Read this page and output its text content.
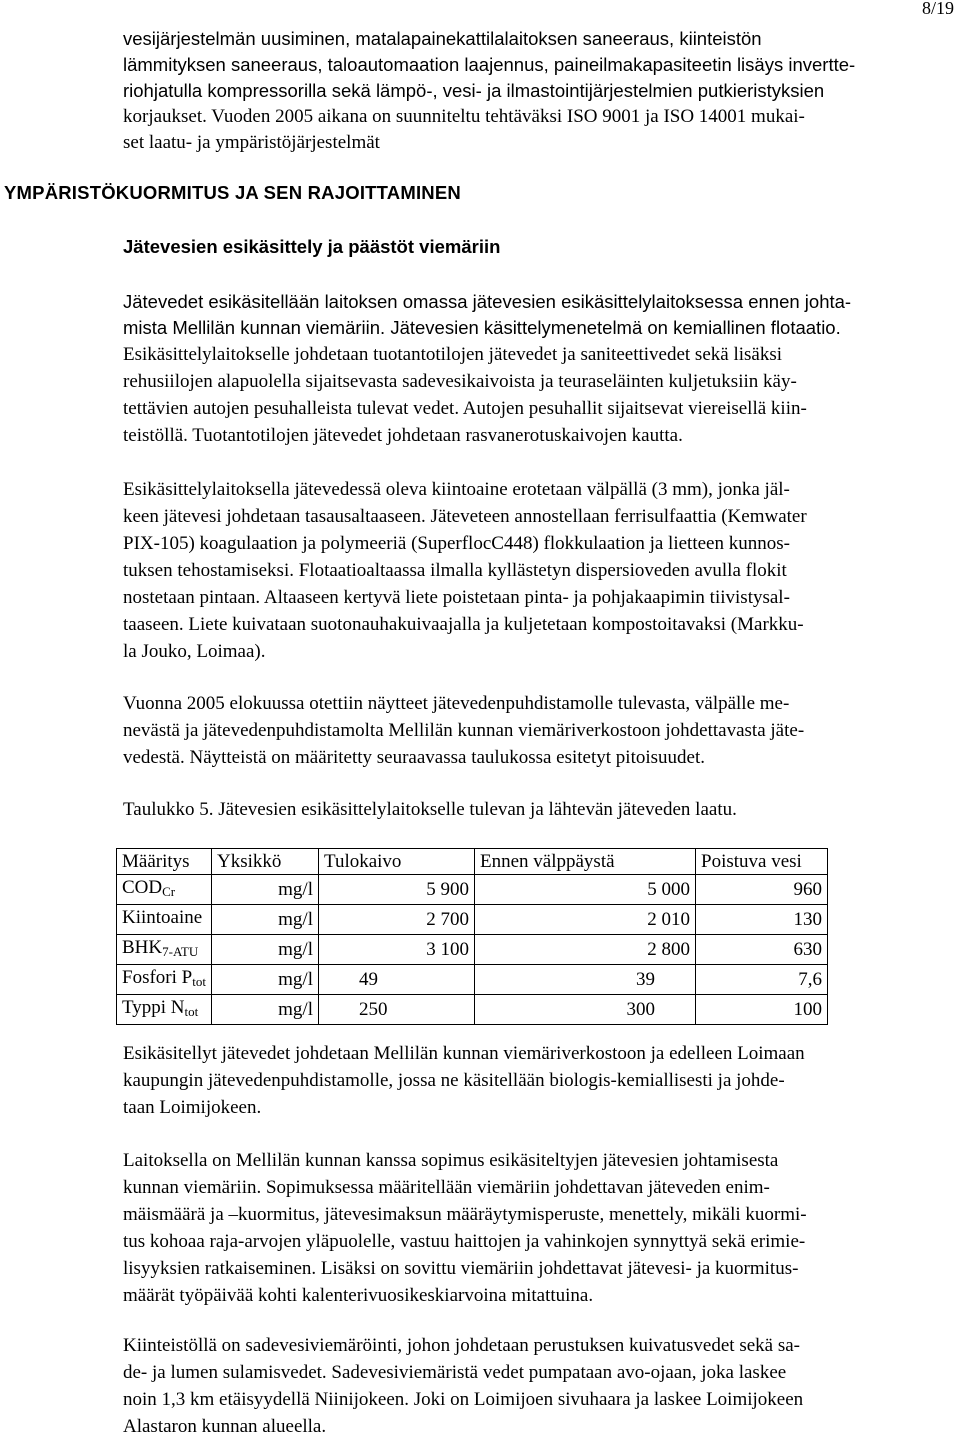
8/19
vesijärjestelmän uusiminen, matalapainekattilalaitoksen saneeraus, kiinteistön
lämmityksen saneeraus, taloautomaation laajennus, paineilmakapasiteetin lisäys invertte-
riohjatulla kompressorilla sekä lämpö-, vesi- ja ilmastointijärjestelmien putkieristyksien
korjaukset. Vuoden 2005 aikana on suunniteltu tehtäväksi ISO 9001 ja ISO 14001 mukai-
set laatu- ja ympäristöjärjestelmät
YMPÄRISTÖKUORMITUS JA SEN RAJOITTAMINEN
Jätevesien esikäsittely ja päästöt viemäriin
Jätevedet esikäsitellään laitoksen omassa jätevesien esikäsittelylaitoksessa ennen johta-
mista Mellilän kunnan viemäriin. Jätevesien käsittelymenetelmä on kemiallinen flotaatio.
Esikäsittelylaitokselle johdetaan tuotantotilojen jätevedet ja saniteettivedet sekä lisäksi
rehusiilojen alapuolella sijaitsevasta sadevesikaivoista ja teuraseläinten kuljetuksiin käy-
tettävien autojen pesuhalleista tulevat vedet. Autojen pesuhallit sijaitsevat viereisellä kiin-
teistöllä. Tuotantotilojen jätevedet johdetaan rasvanerotuskaivojen kautta.
Esikäsittelylaitoksella jätevedessä oleva kiintoaine erotetaan välpällä (3 mm), jonka jäl-
keen jätevesi johdetaan tasausaltaaseen. Jäteveteen annostellaan ferrisulfaattia (Kemwater
PIX-105) koagulaation ja polymeeriä (SuperflocC448) flokkulaation ja lietteen kunnos-
tuksen tehostamiseksi. Flotaatioaltaassa ilmalla kyllästetyn dispersioveden avulla flokit
nostetaan pintaan. Altaaseen kertyvä liete poistetaan pinta- ja pohjakaapimin tiivistysal-
taaseen. Liete kuivataan suotonauhakuivaajalla ja kuljetetaan kompostoitavaksi (Markku-
la Jouko, Loimaa).
Vuonna 2005 elokuussa otettiin näytteet jätevedenpuhdistamolle tulevasta, välpälle me-
nevästä ja jätevedenpuhdistamolta Mellilän kunnan viemäriverkostoon johdettavasta jäte-
vedestä. Näytteistä on määritetty seuraavassa taulukossa esitetyt pitoisuudet.
Taulukko 5. Jätevesien esikäsittelylaitokselle tulevan ja lähtevän jäteveden laatu.
Määritys	Yksikkö	Tulokaivo	Ennen välppäystä	Poistuva vesi
$COD_{Cr}$	mg/l	5 900	5 000	960
Kiintoaine	mg/l	2 700	2 010	130
$BHK_{7-ATU}$	mg/l	3 100	2 800	630
Fosfori $P_{tot}$	mg/l	49	39	7,6
Typpi $N_{tot}$	mg/l	250	300	100
Esikäsitellyt jätevedet johdetaan Mellilän kunnan viemäriverkostoon ja edelleen Loimaan
kaupungin jätevedenpuhdistamolle, jossa ne käsitellään biologis-kemiallisesti ja johde-
taan Loimijokeen.
Laitoksella on Mellilän kunnan kanssa sopimus esikäsiteltyjen jätevesien johtamisesta
kunnan viemäriin. Sopimuksessa määritellään viemäriin johdettavan jäteveden enim-
mäismäärä ja –kuormitus, jätevesimaksun määräytymisperuste, menettely, mikäli kuormi-
tus kohoaa raja-arvojen yläpuolelle, vastuu haittojen ja vahinkojen synnyttyä sekä erimie-
lisyyksien ratkaiseminen. Lisäksi on sovittu viemäriin johdettavat jätevesi- ja kuormitus-
määrät työpäivää kohti kalenterivuosikeskiarvoina mitattuina.
Kiinteistöllä on sadevesiviemäröinti, johon johdetaan perustuksen kuivatusvedet sekä sa-
de- ja lumen sulamisvedet. Sadevesiviemäristä vedet pumpataan avo-ojaan, joka laskee
noin 1,3 km etäisyydellä Niinijokeen. Joki on Loimijoen sivuhaara ja laskee Loimijokeen
Alastaron kunnan alueella.
